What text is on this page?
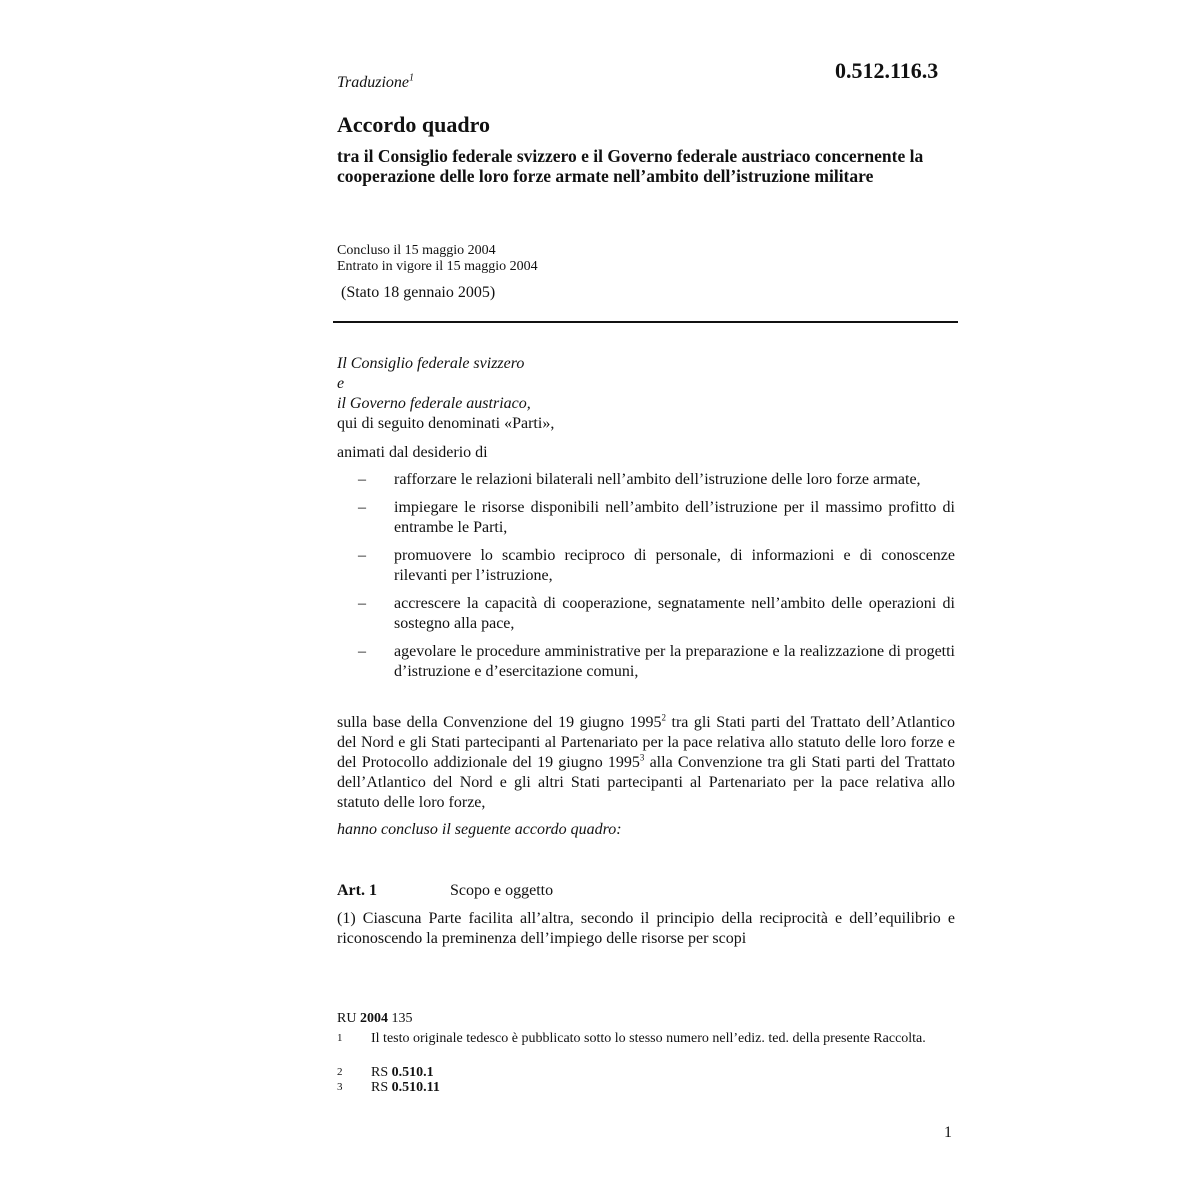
Traduzione$^1$	0.512.116.3
Accordo quadro
tra il Consiglio federale svizzero e il Governo federale austriaco concernente la cooperazione delle loro forze armate nell’ambito dell’istruzione militare

Concluso il 15 maggio 2004

Entrato in vigore il 15 maggio 2004

(Stato 18 gennaio 2005)

Il Consiglio federale svizzero

e

il Governo federale austriaco,

qui di seguito denominati «Parti»,

animati dal desiderio di
–	rafforzare le relazioni bilaterali nell’ambito dell’istruzione delle loro forze armate,
–	impiegare le risorse disponibili nell’ambito dell’istruzione per il massimo profitto di entrambe le Parti,
–	promuovere lo scambio reciproco di personale, di informazioni e di conoscenze rilevanti per l’istruzione,
–	accrescere la capacità di cooperazione, segnatamente nell’ambito delle operazioni di sostegno alla pace,
–	agevolare le procedure amministrative per la preparazione e la realizzazione di progetti d’istruzione e d’esercitazione comuni,
sulla base della Convenzione del 19 giugno 1995$^2$ tra gli Stati parti del Trattato dell’Atlantico del Nord e gli Stati partecipanti al Partenariato per la pace relativa allo statuto delle loro forze e del Protocollo addizionale del 19 giugno 1995$^3$ alla Convenzione tra gli Stati parti del Trattato dell’Atlantico del Nord e gli altri Stati partecipanti al Partenariato per la pace relativa allo statuto delle loro forze,
hanno concluso il seguente accordo quadro:
Art. 1	Scopo e oggetto
(1) Ciascuna Parte facilita all’altra, secondo il principio della reciprocità e dell’equilibrio e riconoscendo la preminenza dell’impiego delle risorse per scopi
RU 2004 135
1 Il testo originale tedesco è pubblicato sotto lo stesso numero nell’ediz. ted. della presente Raccolta.
2 RS 0.510.1
3 RS 0.510.11
1
